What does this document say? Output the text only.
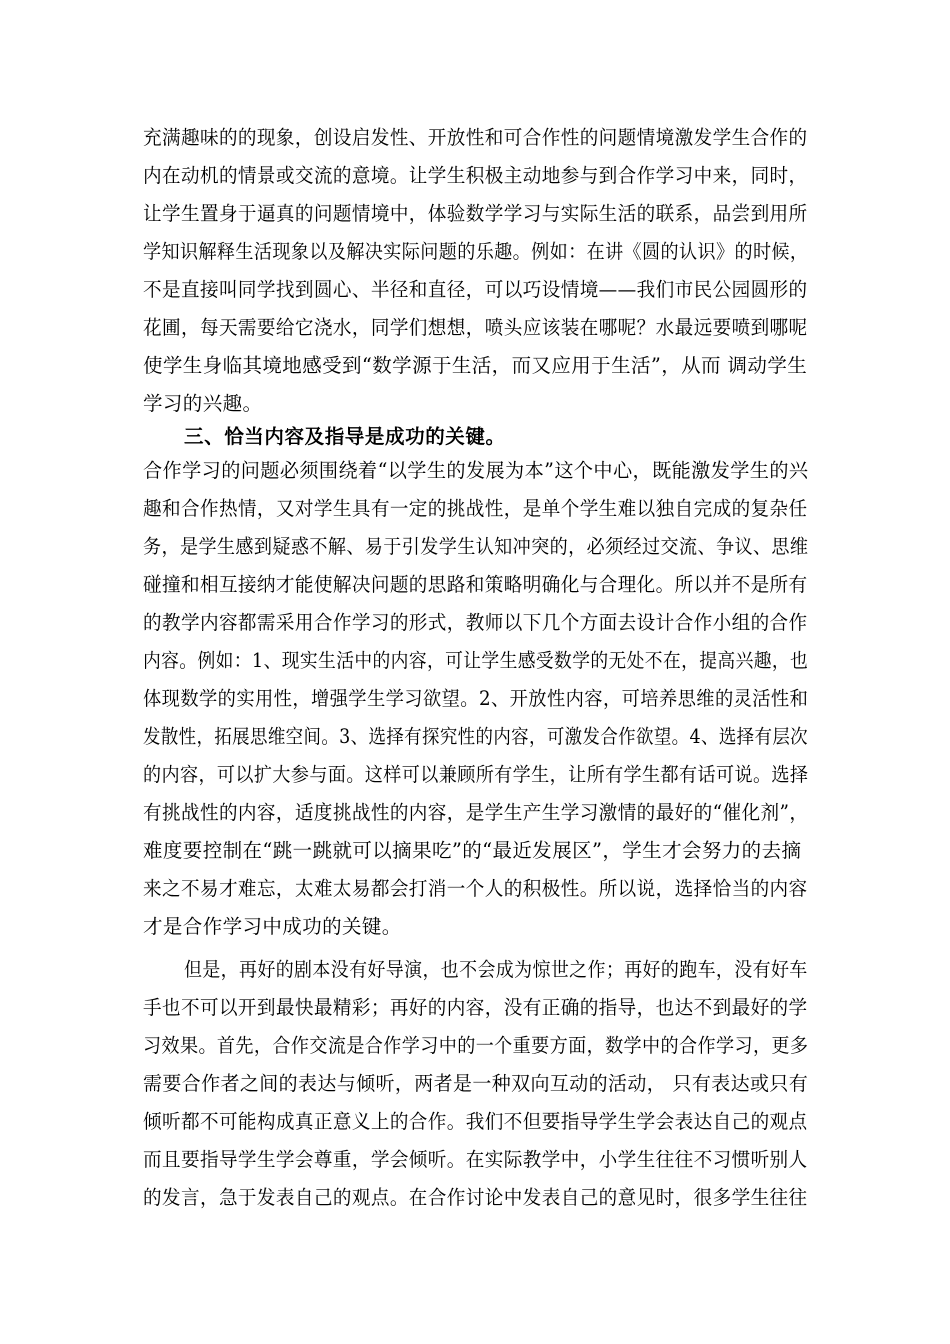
充满趣味的的现象，创设启发性、开放性和可合作性的问题情境激发学生合作的
内在动机的情景或交流的意境。让学生积极主动地参与到合作学习中来，同时，
让学生置身于逼真的问题情境中，体验数学学习与实际生活的联系，品尝到用所
学知识解释生活现象以及解决实际问题的乐趣。例如：在讲《圆的认识》的时候，
不是直接叫同学找到圆心、半径和直径，可以巧设情境——我们市民公园圆形的
花圃，每天需要给它浇水，同学们想想，喷头应该装在哪呢？水最远要喷到哪呢
使学生身临其境地感受到“数学源于生活，而又应用于生活”，从而 调动学生
学习的兴趣。
三、恰当内容及指导是成功的关键。
合作学习的问题必须围绕着“以学生的发展为本”这个中心，既能激发学生的兴
趣和合作热情，又对学生具有一定的挑战性，是单个学生难以独自完成的复杂任
务，是学生感到疑惑不解、易于引发学生认知冲突的，必须经过交流、争议、思维
碰撞和相互接纳才能使解决问题的思路和策略明确化与合理化。所以并不是所有
的教学内容都需采用合作学习的形式，教师以下几个方面去设计合作小组的合作
内容。例如：1、现实生活中的内容，可让学生感受数学的无处不在，提高兴趣，也
体现数学的实用性，增强学生学习欲望。2、开放性内容，可培养思维的灵活性和
发散性，拓展思维空间。3、选择有探究性的内容，可激发合作欲望。4、选择有层次
的内容，可以扩大参与面。这样可以兼顾所有学生，让所有学生都有话可说。选择
有挑战性的内容，适度挑战性的内容，是学生产生学习激情的最好的“催化剂”，
难度要控制在“跳一跳就可以摘果吃”的“最近发展区”，学生才会努力的去摘
来之不易才难忘，太难太易都会打消一个人的积极性。所以说，选择恰当的内容
才是合作学习中成功的关键。
但是，再好的剧本没有好导演，也不会成为惊世之作；再好的跑车，没有好车
手也不可以开到最快最精彩；再好的内容，没有正确的指导，也达不到最好的学
习效果。首先，合作交流是合作学习中的一个重要方面，数学中的合作学习，更多
需要合作者之间的表达与倾听，两者是一种双向互动的活动， 只有表达或只有
倾听都不可能构成真正意义上的合作。我们不但要指导学生学会表达自己的观点
而且要指导学生学会尊重，学会倾听。在实际教学中，小学生往往不习惯听别人
的发言，急于发表自己的观点。在合作讨论中发表自己的意见时，很多学生往往
